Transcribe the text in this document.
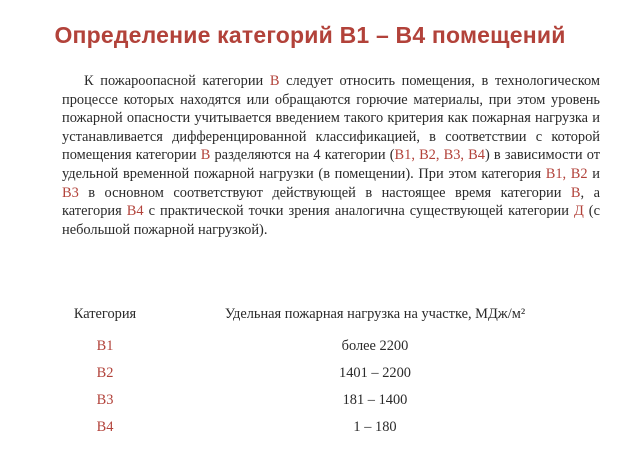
Определение категорий В1 – В4 помещений
К пожароопасной категории В следует относить помещения, в технологическом процессе которых находятся или обращаются горючие материалы, при этом уровень пожарной опасности учитывается введением такого критерия как пожарная нагрузка и устанавливается дифференцированной классификацией, в соответствии с которой помещения категории В разделяются на 4 категории (В1, В2, В3, В4) в зависимости от удельной временной пожарной нагрузки (в помещении). При этом категория В1, В2 и В3 в основном соответствуют действующей в настоящее время категории В, а категория В4 с практической точки зрения аналогична существующей категории Д (с небольшой пожарной нагрузкой).
Категория	Удельная пожарная нагрузка на участке, МДж/м²
В1	более 2200
В2	1401 – 2200
В3	181 – 1400
В4	1 – 180
